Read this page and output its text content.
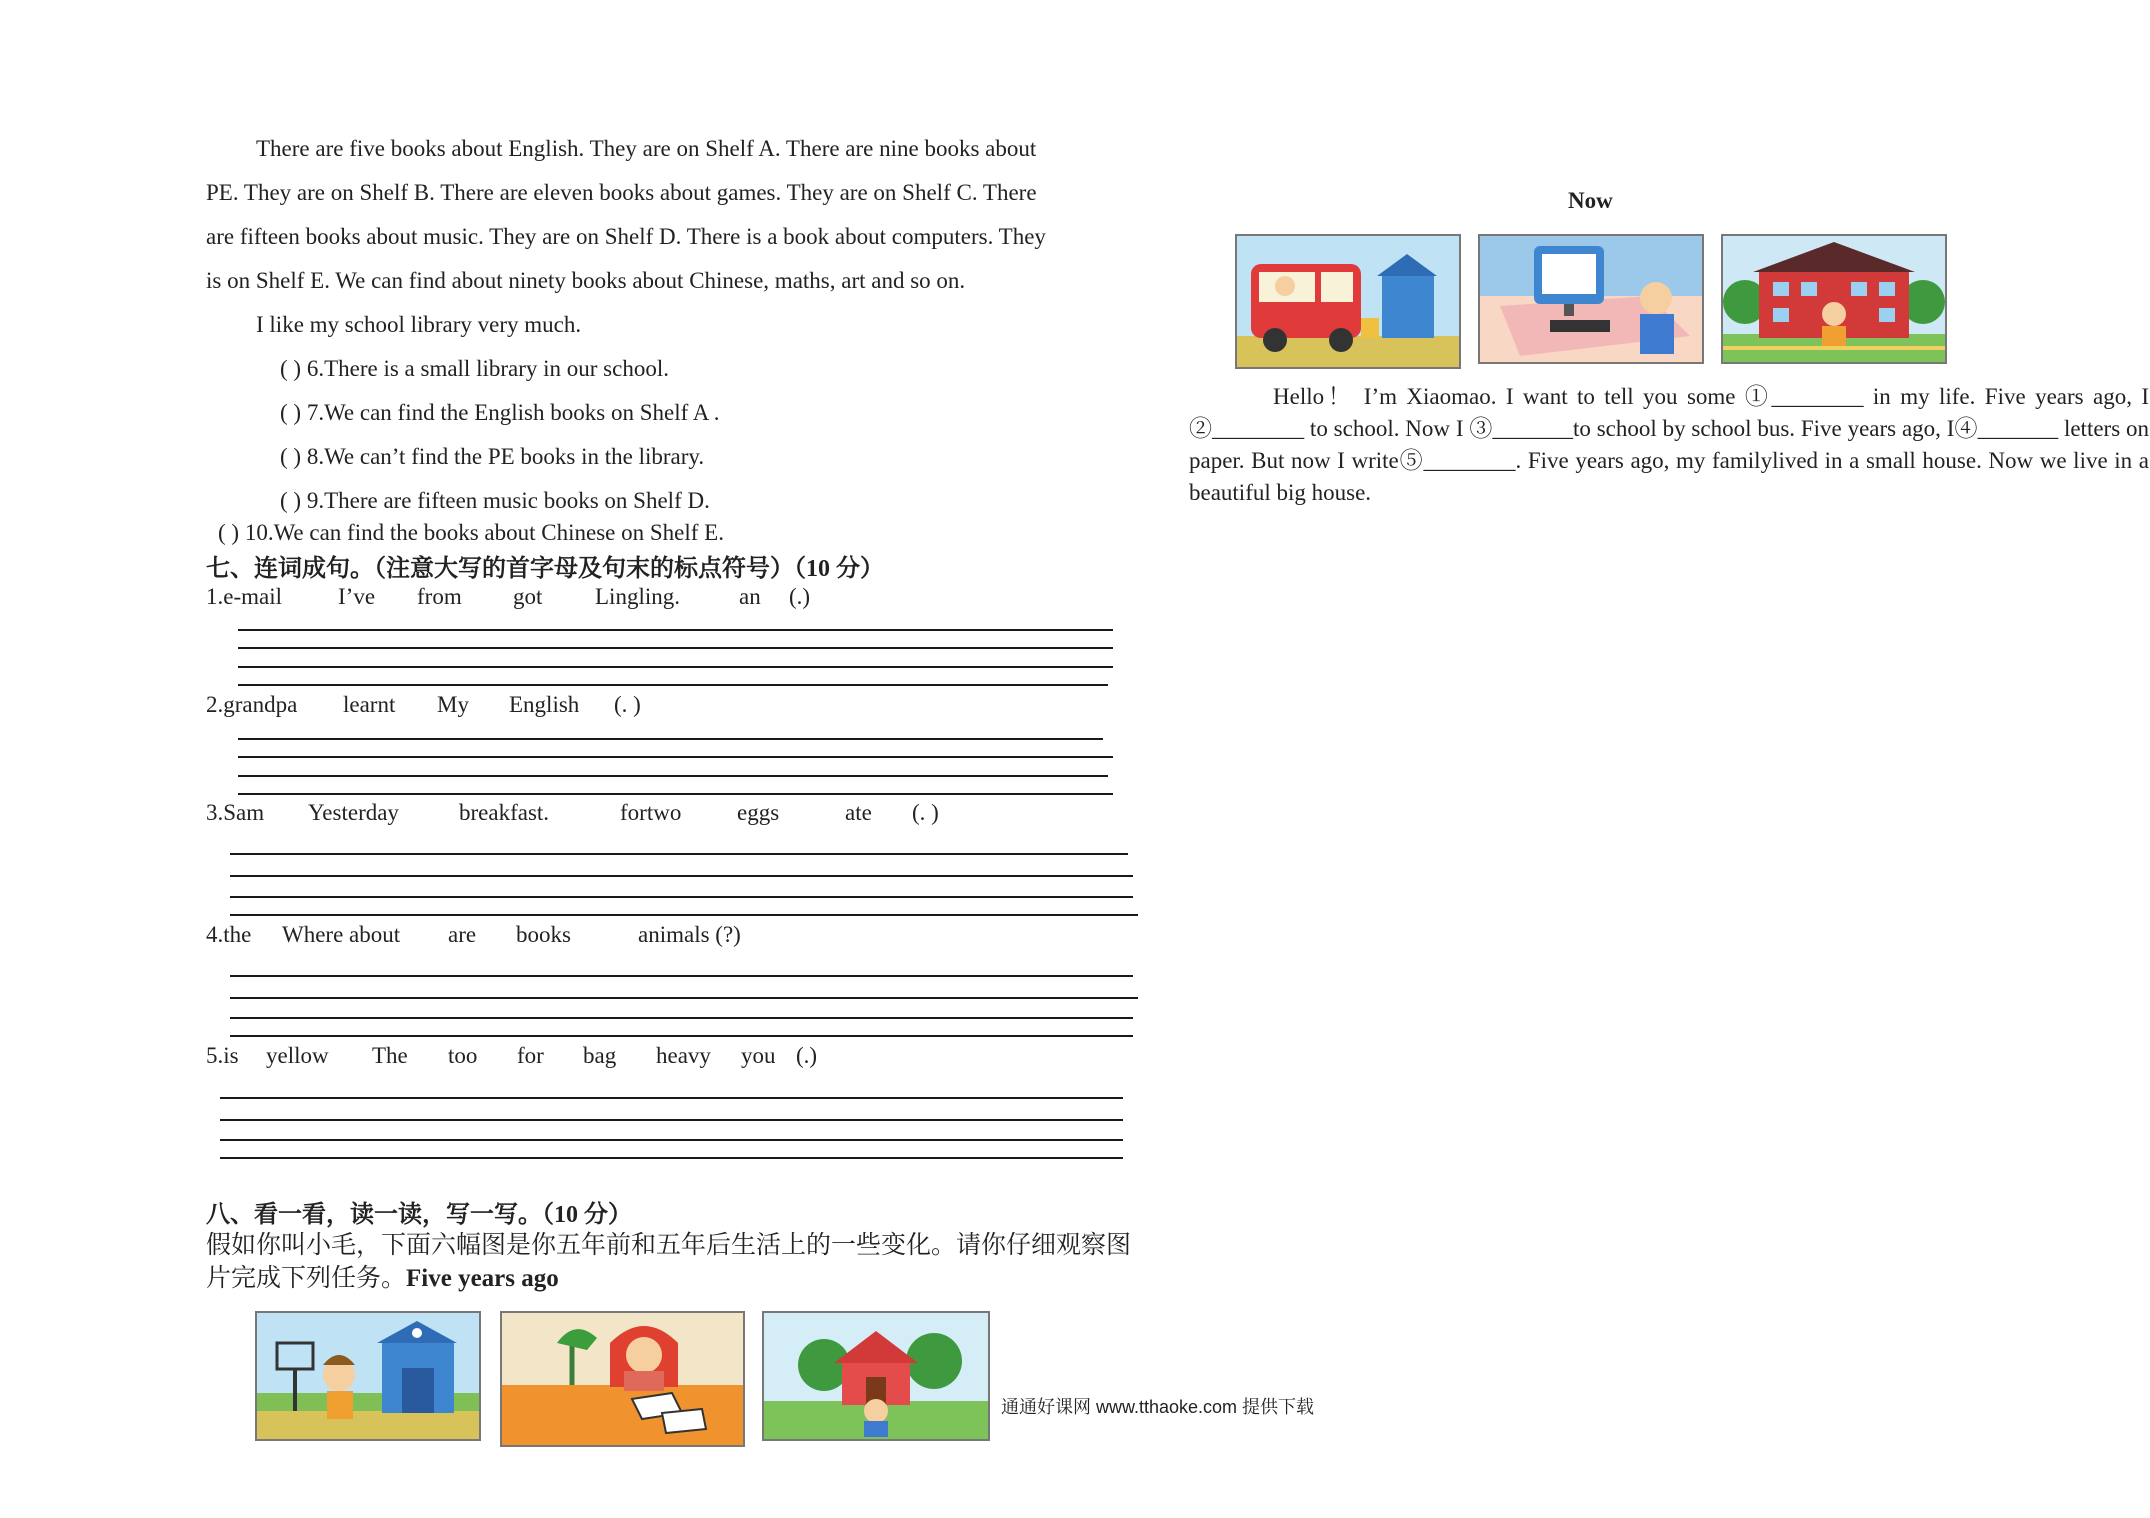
There are five books about English. They are on Shelf A. There are nine books about
PE. They are on Shelf B. There are eleven books about games. They are on Shelf C. There
are fifteen books about music. They are on Shelf D. There is a book about computers. They
is on Shelf E. We can find about ninety books about Chinese, maths, art and so on.
I like my school library very much.
( ) 6.There is a small library in our school.
( ) 7.We can find the English books on Shelf A .
( ) 8.We can’t find the PE books in the library.
( ) 9.There are fifteen music books on Shelf D.
( ) 10.We can find the books about Chinese on Shelf E.
七、连词成句。（注意大写的首字母及句末的标点符号）（10 分）
1.e-mail I’ve from got Lingling.	an (.)
2.grandpa learnt My English (. )
3.Sam Yesterday	breakfast.	fortwo eggs	ate (. )
4.the Where about are books	animals (?)
5.is yellow The too for bag heavy you (.)
八、看一看，读一读，写一写。（10 分）
假如你叫小毛，下面六幅图是你五年前和五年后生活上的一些变化。请你仔细观察图
片完成下列任务。Five years ago
Now
Hello！ I’m Xiaomao. I want to tell you some ①________ in my life. Five years ago, I ②________ to school. Now I ③_______to school by school bus. Five years ago, I④_______ letters on paper. But now I write⑤________. Five years ago, my familylived in a small house. Now we live in a beautiful big house.
通通好课网 www.tthaoke.com 提供下载
